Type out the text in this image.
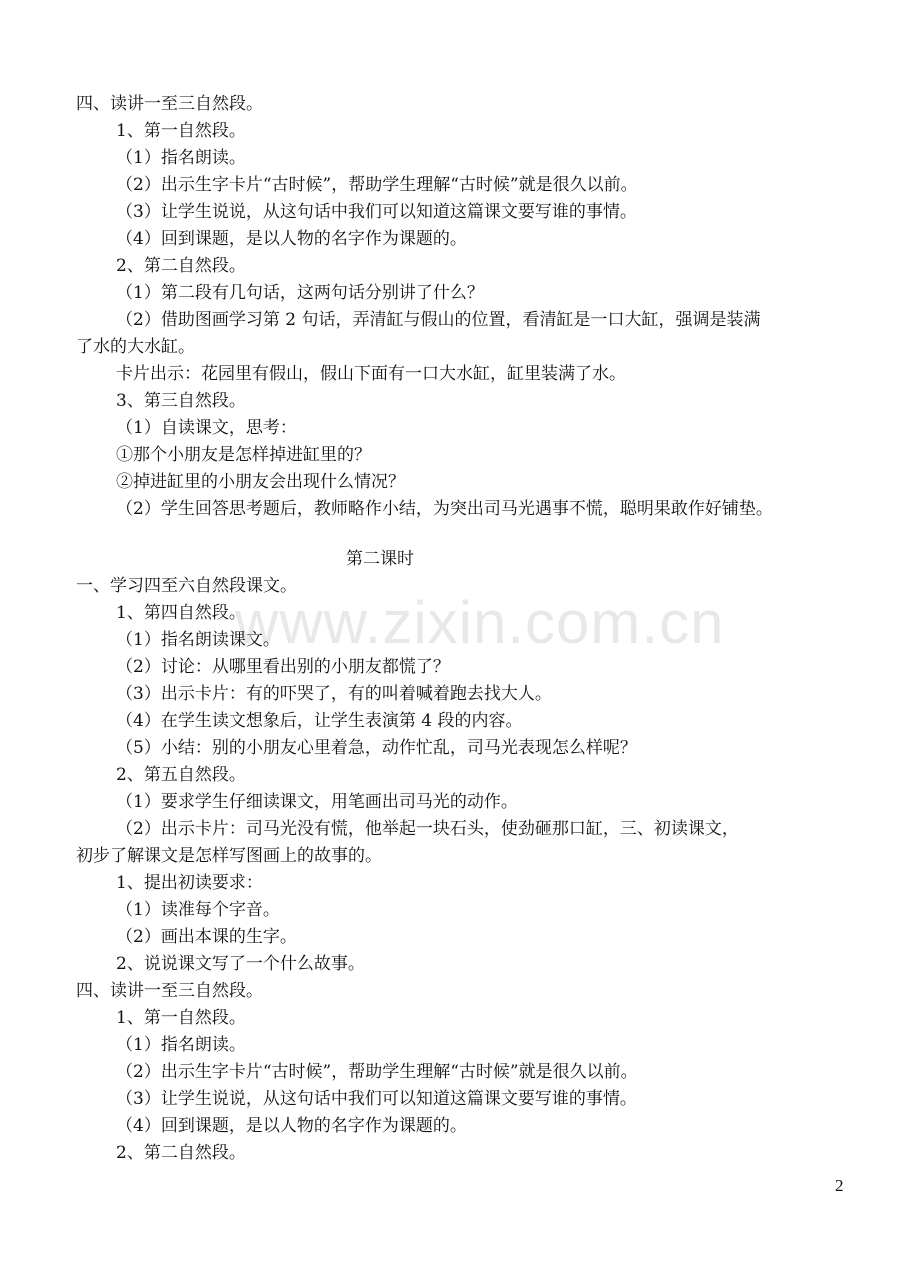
www.zixin.com.cn
四、读讲一至三自然段。
1、第一自然段。
（1）指名朗读。
（2）出示生字卡片“古时候”，帮助学生理解“古时候”就是很久以前。
（3）让学生说说，从这句话中我们可以知道这篇课文要写谁的事情。
（4）回到课题，是以人物的名字作为课题的。
2、第二自然段。
（1）第二段有几句话，这两句话分别讲了什么？
（2）借助图画学习第 2 句话，弄清缸与假山的位置，看清缸是一口大缸，强调是装满
了水的大水缸。
卡片出示：花园里有假山，假山下面有一口大水缸，缸里装满了水。
3、第三自然段。
（1）自读课文，思考：
①那个小朋友是怎样掉进缸里的？
②掉进缸里的小朋友会出现什么情况？
（2）学生回答思考题后，教师略作小结，为突出司马光遇事不慌，聪明果敢作好铺垫。
第二课时
一、学习四至六自然段课文。
1、第四自然段。
（1）指名朗读课文。
（2）讨论：从哪里看出别的小朋友都慌了？
（3）出示卡片：有的吓哭了，有的叫着喊着跑去找大人。
（4）在学生读文想象后，让学生表演第 4 段的内容。
（5）小结：别的小朋友心里着急，动作忙乱，司马光表现怎么样呢？
2、第五自然段。
（1）要求学生仔细读课文，用笔画出司马光的动作。
（2）出示卡片：司马光没有慌，他举起一块石头，使劲砸那口缸，三、初读课文，
初步了解课文是怎样写图画上的故事的。
1、提出初读要求：
（1）读准每个字音。
（2）画出本课的生字。
2、说说课文写了一个什么故事。
四、读讲一至三自然段。
1、第一自然段。
（1）指名朗读。
（2）出示生字卡片“古时候”，帮助学生理解“古时候”就是很久以前。
（3）让学生说说，从这句话中我们可以知道这篇课文要写谁的事情。
（4）回到课题，是以人物的名字作为课题的。
2、第二自然段。
2
